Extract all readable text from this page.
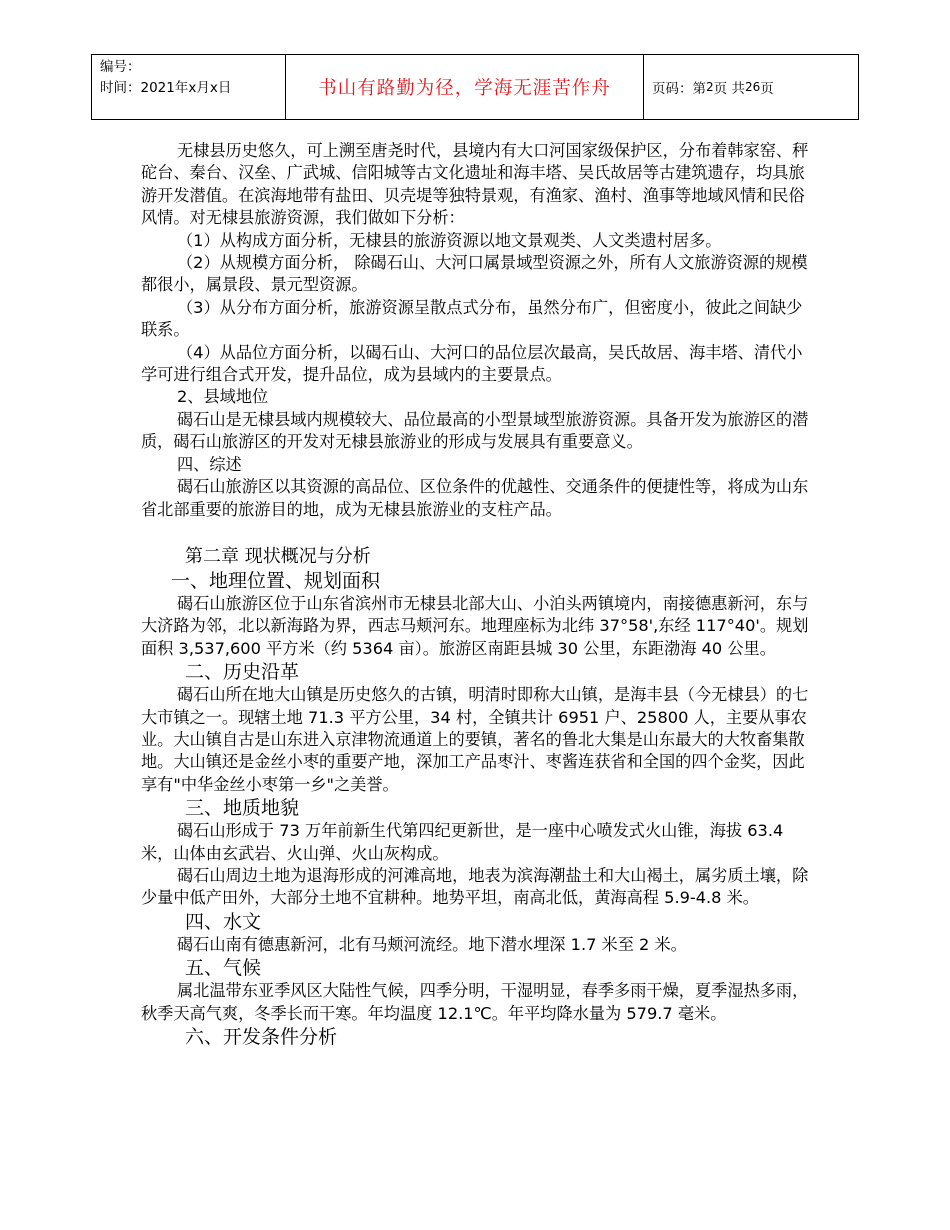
编号：
时间：2021年x月x日	书山有路勤为径，学海无涯苦作舟	页码：第 2 页 共 26 页

无棣县历史悠久，可上溯至唐尧时代，县境内有大口河国家级保护区，分布着韩家窑、秤砣台、秦台、汉垒、广武城、信阳城等古文化遗址和海丰塔、吴氏故居等古建筑遗存，均具旅游开发潜值。在滨海地带有盐田、贝壳堤等独特景观，有渔家、渔村、渔事等地域风情和民俗风情。对无棣县旅游资源，我们做如下分析：

（1）从构成方面分析，无棣县的旅游资源以地文景观类、人文类遗村居多。

（2）从规模方面分析， 除碣石山、大河口属景域型资源之外，所有人文旅游资源的规模都很小，属景段、景元型资源。

（3）从分布方面分析，旅游资源呈散点式分布，虽然分布广，但密度小，彼此之间缺少联系。

（4）从品位方面分析，以碣石山、大河口的品位层次最高，吴氏故居、海丰塔、清代小学可进行组合式开发，提升品位，成为县域内的主要景点。

2、县域地位

碣石山是无棣县域内规模较大、品位最高的小型景域型旅游资源。具备开发为旅游区的潜质，碣石山旅游区的开发对无棣县旅游业的形成与发展具有重要意义。

四、综述

碣石山旅游区以其资源的高品位、区位条件的优越性、交通条件的便捷性等，将成为山东省北部重要的旅游目的地，成为无棣县旅游业的支柱产品。

第二章 现状概况与分析

一、地理位置、规划面积

碣石山旅游区位于山东省滨州市无棣县北部大山、小泊头两镇境内，南接德惠新河，东与大济路为邻，北以新海路为界，西志马颊河东。地理座标为北纬 37°58',东经 117°40'。规划面积 3,537,600 平方米（约 5364 亩）。旅游区南距县城 30 公里，东距渤海 40 公里。

二、历史沿革

碣石山所在地大山镇是历史悠久的古镇，明清时即称大山镇，是海丰县（今无棣县）的七大市镇之一。现辖土地 71.3 平方公里，34 村，全镇共计 6951 户、25800 人，主要从事农业。大山镇自古是山东进入京津物流通道上的要镇，著名的鲁北大集是山东最大的大牧畜集散地。大山镇还是金丝小枣的重要产地，深加工产品枣汁、枣酱连获省和全国的四个金奖，因此享有"中华金丝小枣第一乡"之美誉。

三、地质地貌

碣石山形成于 73 万年前新生代第四纪更新世，是一座中心喷发式火山锥，海拔 63.4 米，山体由玄武岩、火山弹、火山灰构成。

碣石山周边土地为退海形成的河滩高地，地表为滨海潮盐土和大山褐土，属劣质土壤，除少量中低产田外，大部分土地不宜耕种。地势平坦，南高北低，黄海高程 5.9-4.8 米。

四、水文

碣石山南有德惠新河，北有马颊河流经。地下潜水埋深 1.7 米至 2 米。

五、气候

属北温带东亚季风区大陆性气候，四季分明，干湿明显，春季多雨干燥，夏季湿热多雨，秋季天高气爽，冬季长而干寒。年均温度 12.1℃。年平均降水量为 579.7 毫米。

六、开发条件分析
